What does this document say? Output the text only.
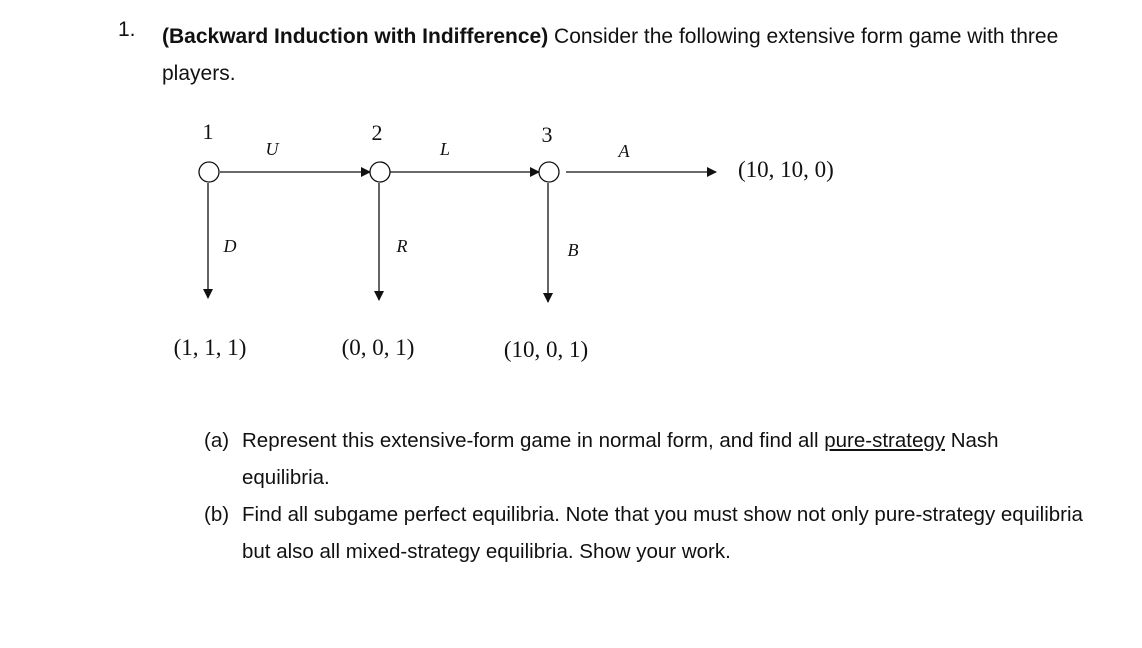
1. (Backward Induction with Indifference) Consider the following extensive form game with three players.
1	2	3
U	L	A
D	R	B
(1, 1, 1)	(0, 0, 1)	(10, 0, 1)
(10, 10, 0)
(a) Represent this extensive-form game in normal form, and find all pure-strategy Nash equilibria.
(b) Find all subgame perfect equilibria. Note that you must show not only pure-strategy equilibria but also all mixed-strategy equilibria. Show your work.
